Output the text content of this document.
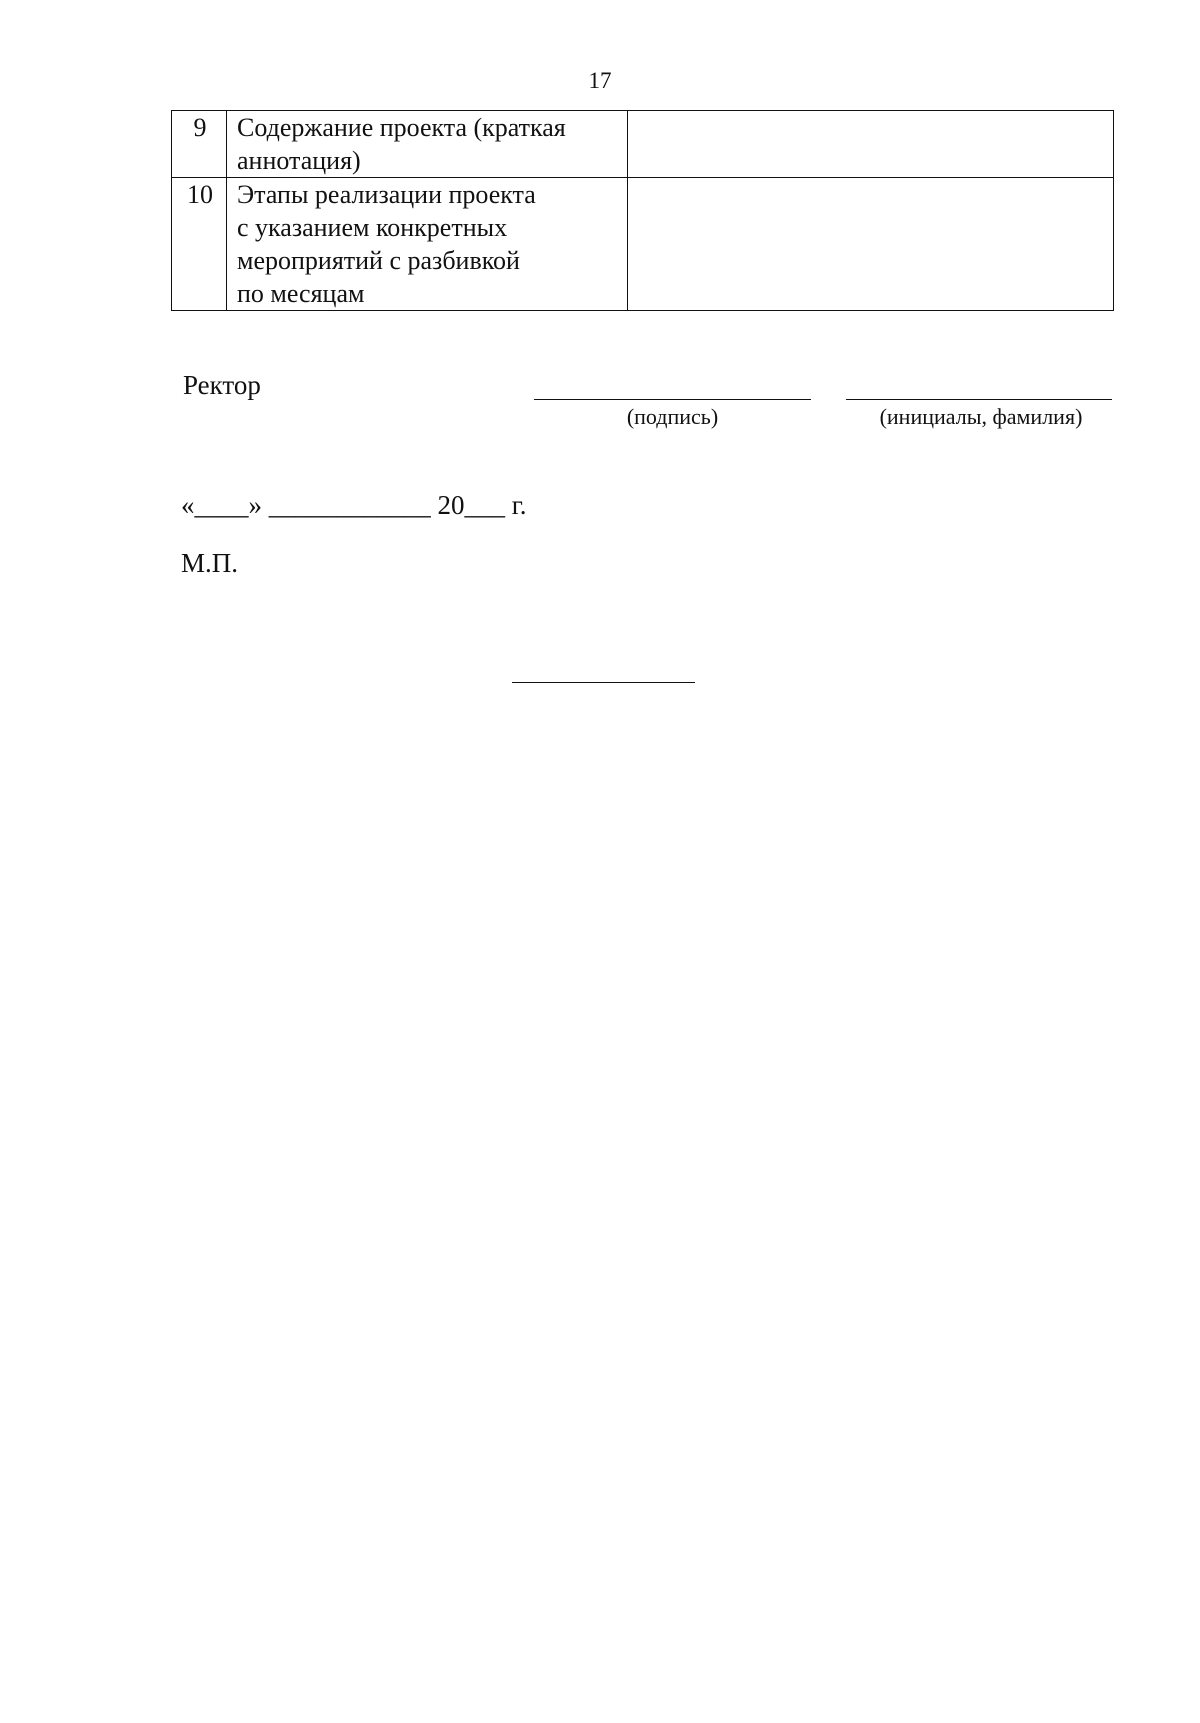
17
9	Содержание проекта (краткая
аннотация)	

10	Этапы реализации проекта
с указанием конкретных
мероприятий с разбивкой
по месяцам	

Ректор
(подпись)	(инициалы, фамилия)
«____» ____________ 20___ г.
М.П.
